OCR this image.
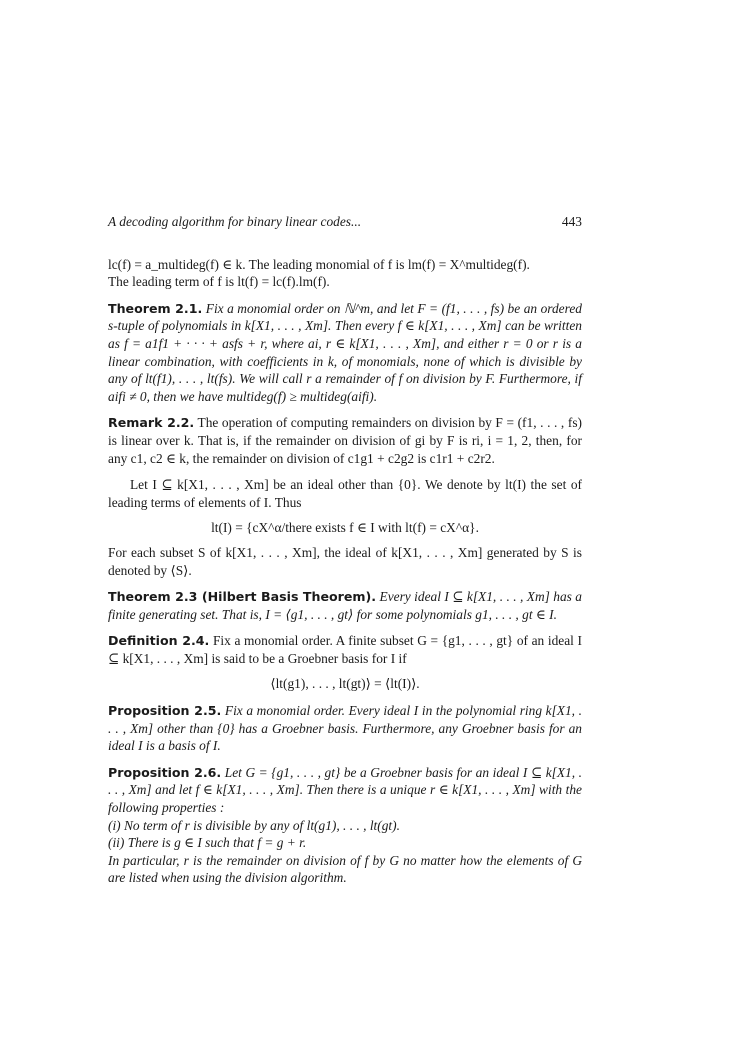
A decoding algorithm for binary linear codes...	443

lc(f) = a_multideg(f) ∈ k. The leading monomial of f is lm(f) = X^multideg(f).

The leading term of f is lt(f) = lc(f).lm(f).

Theorem 2.1. Fix a monomial order on ℕ^m, and let F = (f1, . . . , fs) be an ordered s-tuple of polynomials in k[X1, . . . , Xm]. Then every f ∈ k[X1, . . . , Xm] can be written as f = a1f1 + · · · + asfs + r, where ai, r ∈ k[X1, . . . , Xm], and either r = 0 or r is a linear combination, with coefficients in k, of monomials, none of which is divisible by any of lt(f1), . . . , lt(fs). We will call r a remainder of f on division by F. Furthermore, if aifi ≠ 0, then we have multideg(f) ≥ multideg(aifi).

Remark 2.2. The operation of computing remainders on division by F = (f1, . . . , fs) is linear over k. That is, if the remainder on division of gi by F is ri, i = 1, 2, then, for any c1, c2 ∈ k, the remainder on division of c1g1 + c2g2 is c1r1 + c2r2.

Let I ⊆ k[X1, . . . , Xm] be an ideal other than {0}. We denote by lt(I) the set of leading terms of elements of I. Thus

lt(I) = {cX^α/there exists f ∈ I with lt(f) = cX^α}.

For each subset S of k[X1, . . . , Xm], the ideal of k[X1, . . . , Xm] generated by S is denoted by ⟨S⟩.

Theorem 2.3 (Hilbert Basis Theorem). Every ideal I ⊆ k[X1, . . . , Xm] has a finite generating set. That is, I = ⟨g1, . . . , gt⟩ for some polynomials g1, . . . , gt ∈ I.

Definition 2.4. Fix a monomial order. A finite subset G = {g1, . . . , gt} of an ideal I ⊆ k[X1, . . . , Xm] is said to be a Groebner basis for I if

⟨lt(g1), . . . , lt(gt)⟩ = ⟨lt(I)⟩.

Proposition 2.5. Fix a monomial order. Every ideal I in the polynomial ring k[X1, . . . , Xm] other than {0} has a Groebner basis. Furthermore, any Groebner basis for an ideal I is a basis of I.

Proposition 2.6. Let G = {g1, . . . , gt} be a Groebner basis for an ideal I ⊆ k[X1, . . . , Xm] and let f ∈ k[X1, . . . , Xm]. Then there is a unique r ∈ k[X1, . . . , Xm] with the following properties :

(i) No term of r is divisible by any of lt(g1), . . . , lt(gt).

(ii) There is g ∈ I such that f = g + r.

In particular, r is the remainder on division of f by G no matter how the elements of G are listed when using the division algorithm.
